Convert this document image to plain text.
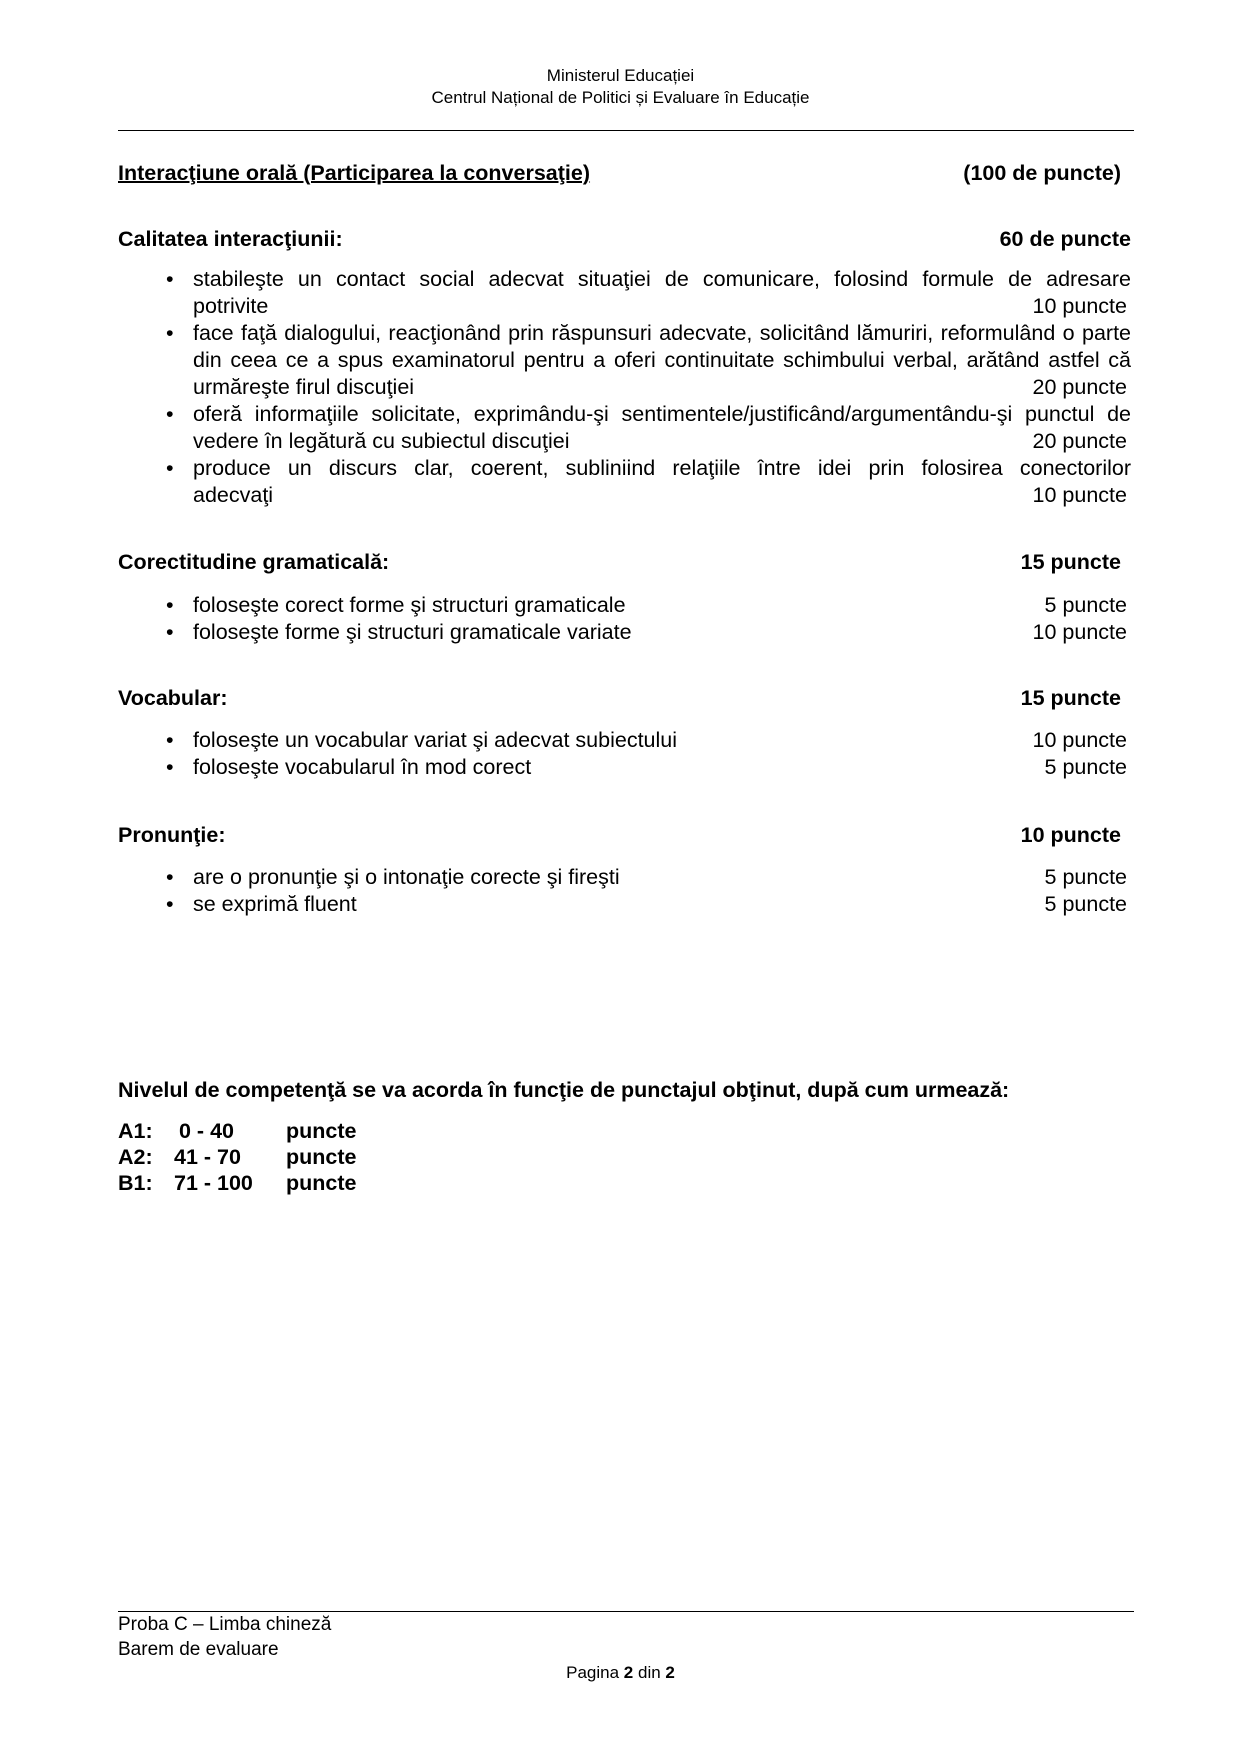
Ministerul Educației
Centrul Național de Politici și Evaluare în Educație
Interacţiune orală (Participarea la conversaţie)	(100 de puncte)
Calitatea interacţiunii:	60 de puncte
• stabileşte un contact social adecvat situaţiei de comunicare, folosind formule de adresare potrivite	10 puncte
• face faţă dialogului, reacţionând prin răspunsuri adecvate, solicitând lămuriri, reformulând o parte din ceea ce a spus examinatorul pentru a oferi continuitate schimbului verbal, arătând astfel că urmăreşte firul discuţiei	20 puncte
• oferă informaţiile solicitate, exprimându-şi sentimentele/justificând/argumentându-şi punctul de vedere în legătură cu subiectul discuţiei	20 puncte
• produce un discurs clar, coerent, subliniind relaţiile între idei prin folosirea conectorilor adecvaţi	10 puncte
Corectitudine gramaticală:	15 puncte
• foloseşte corect forme şi structuri gramaticale	5 puncte
• foloseşte forme şi structuri gramaticale variate	10 puncte
Vocabular:	15 puncte
• foloseşte un vocabular variat şi adecvat subiectului	10 puncte
• foloseşte vocabularul în mod corect	5 puncte
Pronunţie:	10 puncte
• are o pronunţie şi o intonaţie corecte şi fireşti	5 puncte
• se exprimă fluent	5 puncte
Nivelul de competenţă se va acorda în funcţie de punctajul obţinut, după cum urmează:
A1: 0 - 40 puncte
A2: 41 - 70 puncte
B1: 71 - 100 puncte
Proba C – Limba chineză
Barem de evaluare
Pagina 2 din 2
